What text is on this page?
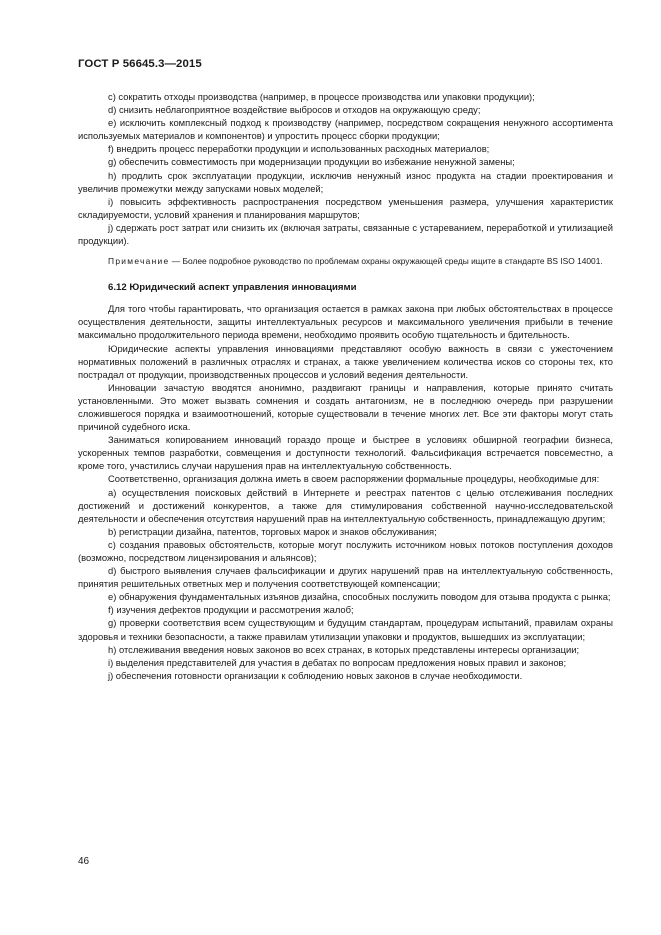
ГОСТ Р 56645.3—2015

c) сократить отходы производства (например, в процессе производства или упаковки продукции);

d) снизить неблагоприятное воздействие выбросов и отходов на окружающую среду;

e) исключить комплексный подход к производству (например, посредством сокращения ненужного ассортимента используемых материалов и компонентов) и упростить процесс сборки продукции;

f) внедрить процесс переработки продукции и использованных расходных материалов;

g) обеспечить совместимость при модернизации продукции во избежание ненужной замены;

h) продлить срок эксплуатации продукции, исключив ненужный износ продукта на стадии проектирования и увеличив промежутки между запусками новых моделей;

i) повысить эффективность распространения посредством уменьшения размера, улучшения характеристик складируемости, условий хранения и планирования маршрутов;

j) сдержать рост затрат или снизить их (включая затраты, связанные с устареванием, переработкой и утилизацией продукции).

Примечание — Более подробное руководство по проблемам охраны окружающей среды ищите в стандарте BS ISO 14001.

6.12 Юридический аспект управления инновациями

Для того чтобы гарантировать, что организация остается в рамках закона при любых обстоятельствах в процессе осуществления деятельности, защиты интеллектуальных ресурсов и максимального увеличения прибыли в течение максимально продолжительного периода времени, необходимо проявить особую тщательность и бдительность.

Юридические аспекты управления инновациями представляют особую важность в связи с ужесточением нормативных положений в различных отраслях и странах, а также увеличением количества исков со стороны тех, кто пострадал от продукции, производственных процессов и условий ведения деятельности.

Инновации зачастую вводятся анонимно, раздвигают границы и направления, которые принято считать установленными. Это может вызвать сомнения и создать антагонизм, не в последнюю очередь при разрушении сложившегося порядка и взаимоотношений, которые существовали в течение многих лет. Все эти факторы могут стать причиной судебного иска.

Заниматься копированием инноваций гораздо проще и быстрее в условиях обширной географии бизнеса, ускоренных темпов разработки, совмещения и доступности технологий. Фальсификация встречается повсеместно, а кроме того, участились случаи нарушения прав на интеллектуальную собственность.

Соответственно, организация должна иметь в своем распоряжении формальные процедуры, необходимые для:

a) осуществления поисковых действий в Интернете и реестрах патентов с целью отслеживания последних достижений и достижений конкурентов, а также для стимулирования собственной научно-исследовательской деятельности и обеспечения отсутствия нарушений прав на интеллектуальную собственность, принадлежащую другим;

b) регистрации дизайна, патентов, торговых марок и знаков обслуживания;

c) создания правовых обстоятельств, которые могут послужить источником новых потоков поступления доходов (возможно, посредством лицензирования и альянсов);

d) быстрого выявления случаев фальсификации и других нарушений прав на интеллектуальную собственность, принятия решительных ответных мер и получения соответствующей компенсации;

e) обнаружения фундаментальных изъянов дизайна, способных послужить поводом для отзыва продукта с рынка;

f) изучения дефектов продукции и рассмотрения жалоб;

g) проверки соответствия всем существующим и будущим стандартам, процедурам испытаний, правилам охраны здоровья и техники безопасности, а также правилам утилизации упаковки и продуктов, вышедших из эксплуатации;

h) отслеживания введения новых законов во всех странах, в которых представлены интересы организации;

i) выделения представителей для участия в дебатах по вопросам предложения новых правил и законов;

j) обеспечения готовности организации к соблюдению новых законов в случае необходимости.

46
